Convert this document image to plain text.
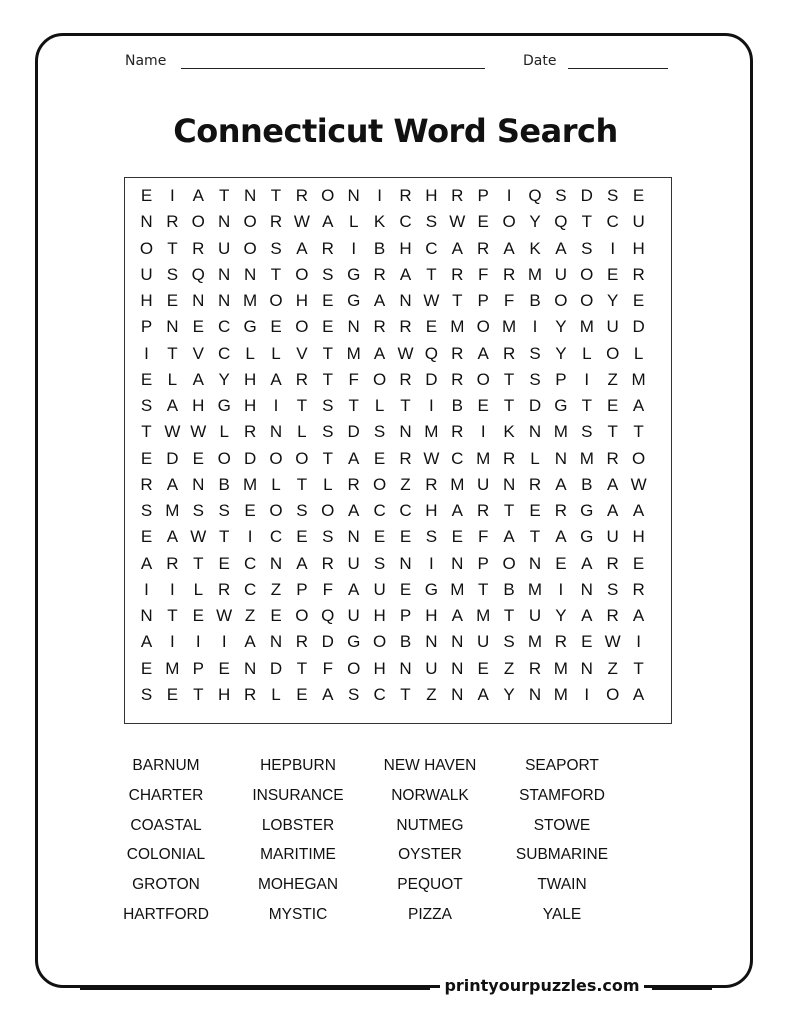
Name	Date
Connecticut Word Search
E	I	A T N T R O N	I	R H R P	I Q S D S E
N R O N O R W A L K C S W E O Y Q T C U
O T R U O S A R	I	B H C A R A K A S	I	H
U S Q N N T O S G R A T R F R M U O E R
H E N N M O H E G A N W T P F B O O Y E
P N E C G E O E N R R E M O M I	Y M U D
I	T V C L L V T M A W Q R A R S Y L O L
E L A Y H A R T F O R D R O T S P	I	Z M
S A H G H	I	T S T L T	I	B E T D G T E A
T W W L R N L S D S N M R	I	K N M S T T
E D E O D O O T A E R W C M R L N M R O
R A N B M L T L R O Z R M U N R A B A W
S M S S E O S O A C C H A R T E R G A A
E A W T	I	C E S N E E S E F A T A G U H
A R T E C N A R U S N	I	N P O N E A R E
I	I	L R C Z P F A U E G M T B M I	N S R
N T E W Z E O Q U H P H A M T U Y A R A
A	I	I	I	A N R D G O B N N U S M R E W I
E M P E N D T F O H N U N E Z R M N Z T
S E T H R L E A S C T Z N A Y N M I O A
BARNUM	HEPBURN	NEW HAVEN	SEAPORT
CHARTER	INSURANCE	NORWALK	STAMFORD
COASTAL	LOBSTER	NUTMEG	STOWE
COLONIAL	MARITIME	OYSTER	SUBMARINE
GROTON	MOHEGAN	PEQUOT	TWAIN
HARTFORD	MYSTIC	PIZZA	YALE
printyourpuzzles.com
